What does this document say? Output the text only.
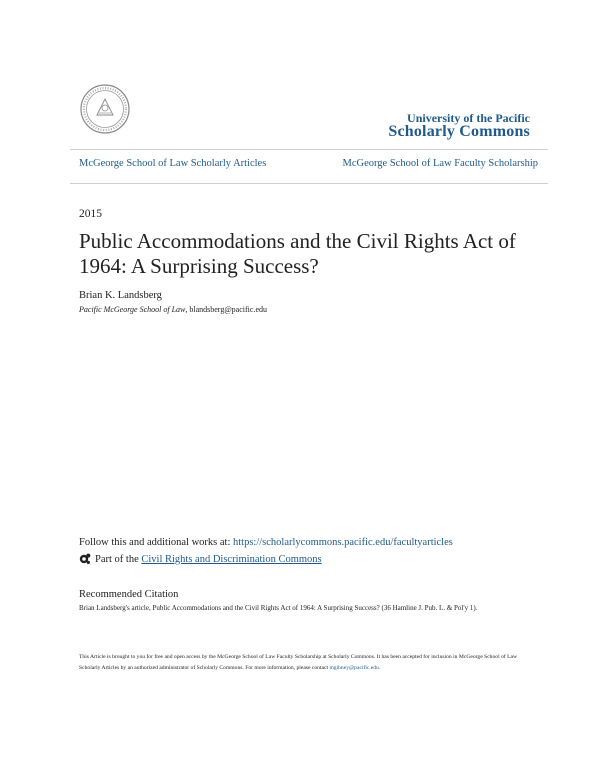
University of the Pacific
Scholarly Commons
McGeorge School of Law Scholarly Articles	McGeorge School of Law Faculty Scholarship
2015
Public Accommodations and the Civil Rights Act of 1964: A Surprising Success?
Brian K. Landsberg
Pacific McGeorge School of Law, blandsberg@pacific.edu
Follow this and additional works at: https://scholarlycommons.pacific.edu/facultyarticles
Part of the
Civil Rights and Discrimination Commons
Recommended Citation
Brian Landsberg's article, Public Accommodations and the Civil Rights Act of 1964: A Surprising Success? (36 Hamline J. Pub. L. & Pol'y 1).
This Article is brought to you for free and open access by the McGeorge School of Law Faculty Scholarship at Scholarly Commons. It has been accepted for inclusion in McGeorge School of Law Scholarly Articles by an authorized administrator of Scholarly Commons. For more information, please contact mgibney@pacific.edu.
